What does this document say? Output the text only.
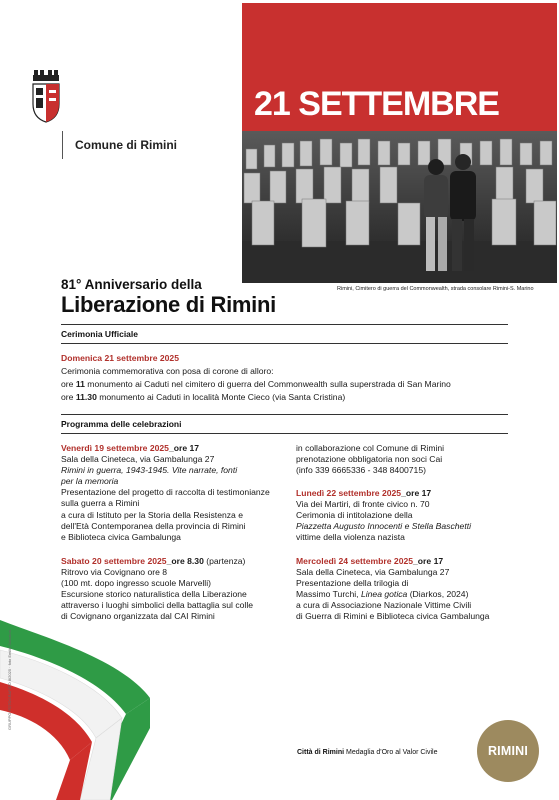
Comune di Rimini
21 SETTEMBRE
Rimini, Cimitero di guerra del Commonwealth, strada consolare Rimini-S. Marino
81° Anniversario della
Liberazione di Rimini
Cerimonia Ufficiale
Domenica 21 settembre 2025
Cerimonia commemorativa con posa di corone di alloro:
ore 11 monumento ai Caduti nel cimitero di guerra del Commonwealth sulla superstrada di San Marino
ore 11.30 monumento ai Caduti in località Monte Cieco (via Santa Cristina)
Programma delle celebrazioni
Venerdì 19 settembre 2025_ore 17
Sala della Cineteca, via Gambalunga 27
Rimini in guerra, 1943-1945. Vite narrate, fonti
per la memoria
Presentazione del progetto di raccolta di testimonianze
sulla guerra a Rimini
a cura di Istituto per la Storia della Resistenza e
dell'Età Contemporanea della provincia di Rimini
e Biblioteca civica Gambalunga
Sabato 20 settembre 2025_ore 8.30 (partenza)
Ritrovo via Covignano ore 8
(100 mt. dopo ingresso scuole Marvelli)
Escursione storico naturalistica della Liberazione
attraverso i luoghi simbolici della battaglia sul colle
di Covignano organizzata dal CAI Rimini
in collaborazione col Comune di Rimini
prenotazione obbligatoria non soci Cai
(info 339 6665336 - 348 8400715)
Lunedì 22 settembre 2025_ore 17
Via dei Martiri, di fronte civico n. 70
Cerimonia di intitolazione della
Piazzetta Augusto Innocenti e Stella Baschetti
vittime della violenza nazista
Mercoledì 24 settembre 2025_ore 17
Sala della Cineteca, via Gambalunga 27
Presentazione della trilogia di
Massimo Turchi, Linea gotica (Diarkos, 2024)
a cura di Associazione Nazionale Vittime Civili
di Guerra di Rimini e Biblioteca civica Gambalunga
GRUPPO FOTOGRAFICO 8/2025 · foto Emilio Salvatori
Città di Rimini Medaglia d'Oro al Valor Civile	RIMINI
